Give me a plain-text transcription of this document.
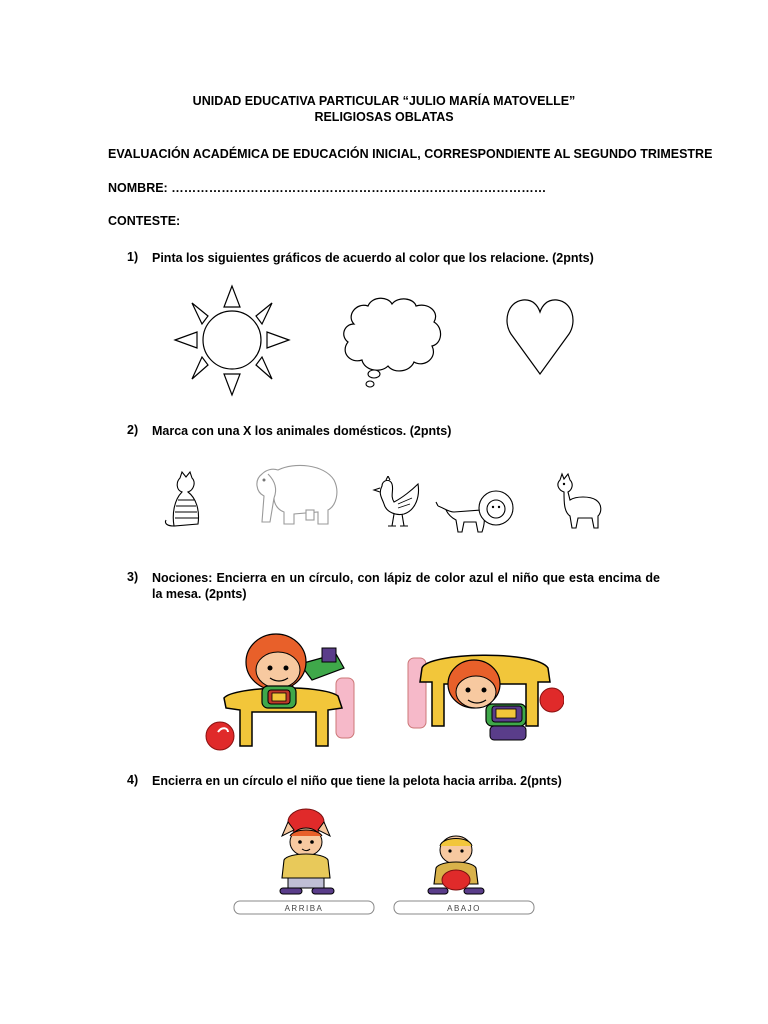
UNIDAD EDUCATIVA PARTICULAR “JULIO MARÍA MATOVELLE”
RELIGIOSAS OBLATAS
EVALUACIÓN ACADÉMICA DE EDUCACIÓN INICIAL, CORRESPONDIENTE AL SEGUNDO TRIMESTRE
NOMBRE: ………………………………………………………………………………
CONTESTE:
1) Pinta los siguientes gráficos de acuerdo al color que los relacione. (2pnts)
2) Marca con una X los animales domésticos. (2pnts)
3) Nociones: Encierra en un círculo, con lápiz de color azul el niño que esta encima de la mesa. (2pnts)
4) Encierra en un círculo el niño que tiene la pelota hacia arriba. 2(pnts)
ARRIBA	ABAJO
